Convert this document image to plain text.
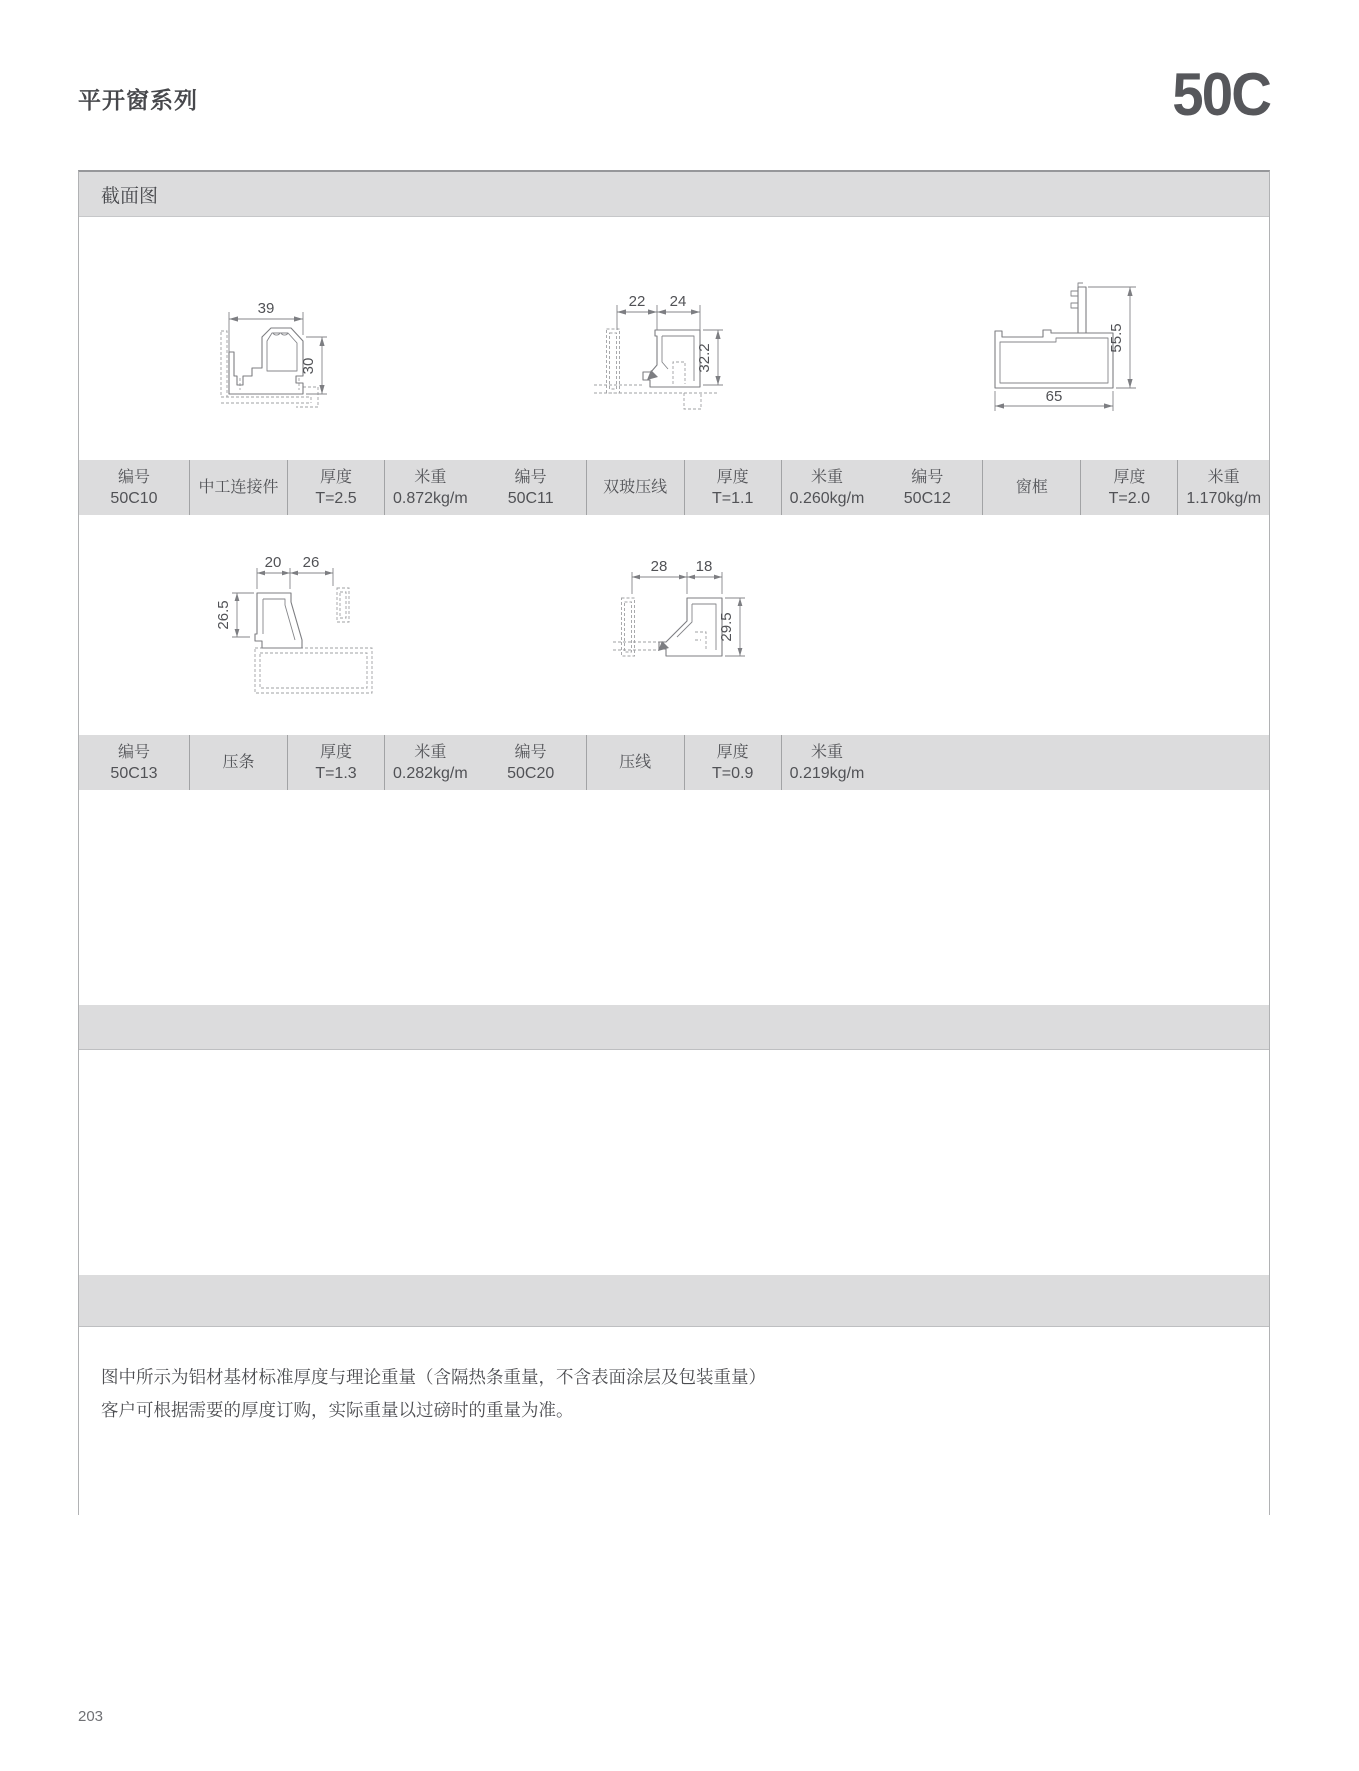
平开窗系列	50C
截面图
编号
50C10
中工连接件
厚度
T=2.5
米重
0.872kg/m
编号
50C11
双玻压线
厚度
T=1.1
米重
0.260kg/m
编号
50C12
窗框
厚度
T=2.0
米重
1.170kg/m
编号
50C13
压条
厚度
T=1.3
米重
0.282kg/m
编号
50C20
压线
厚度
T=0.9
米重
0.219kg/m
图中所示为铝材基材标准厚度与理论重量（含隔热条重量，不含表面涂层及包装重量）
客户可根据需要的厚度订购，实际重量以过磅时的重量为准。
39
30
22 24
32.2
55.5
65
20 26
26.5
28 18
29.5
203
